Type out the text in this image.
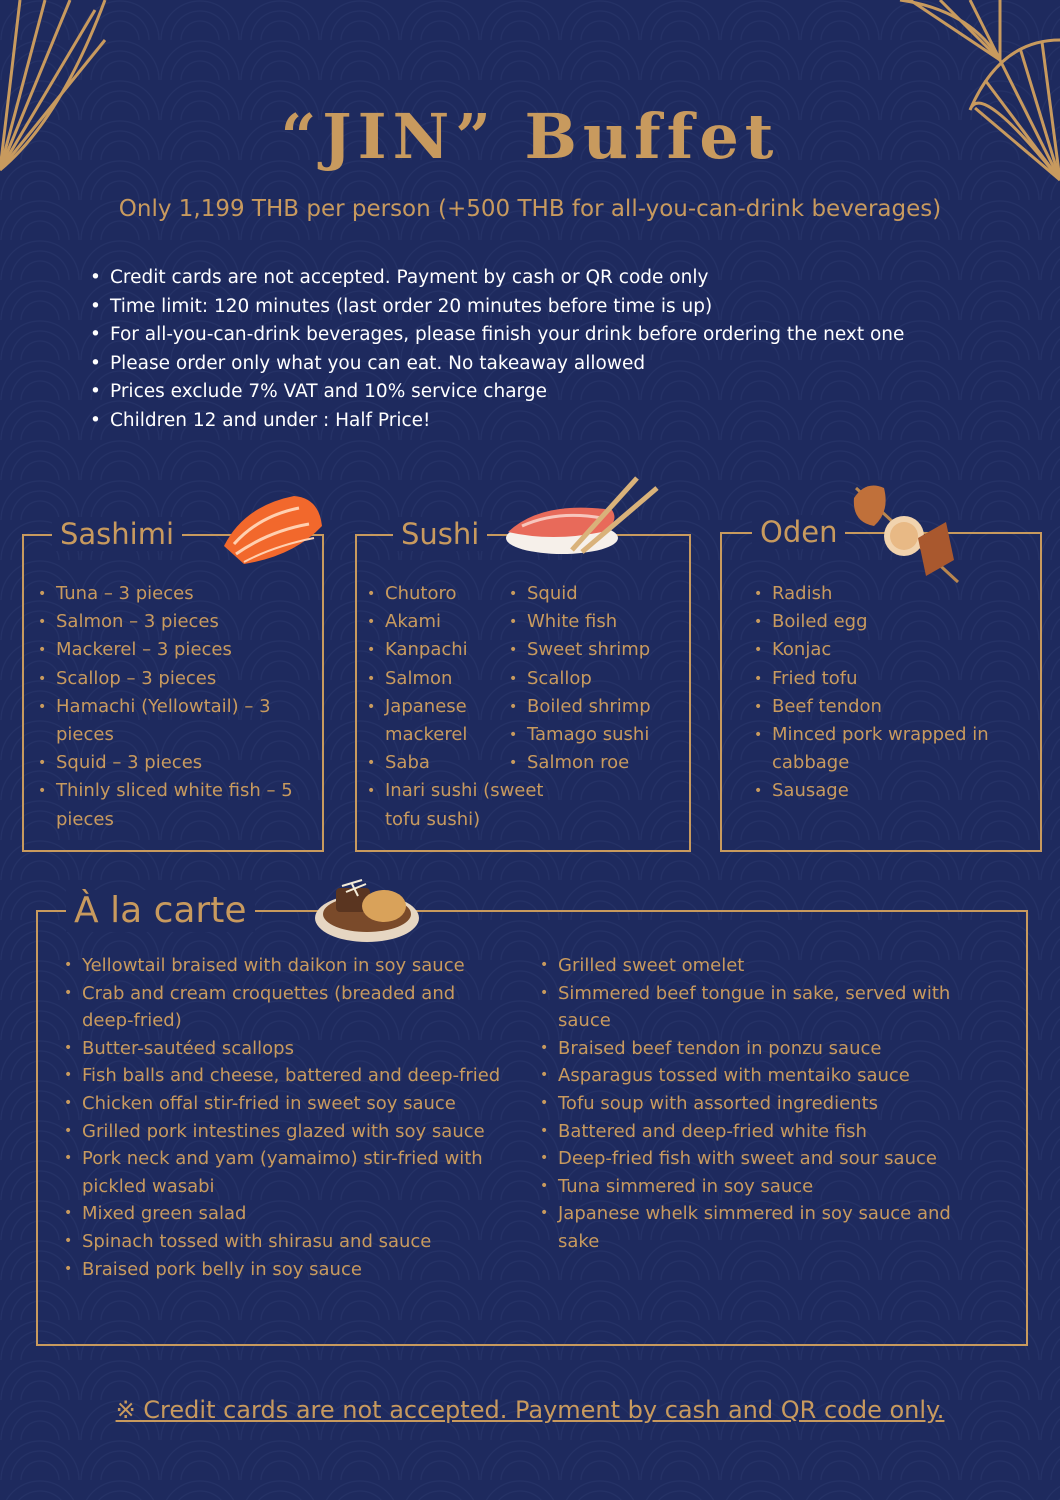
“JIN” Buffet

Only 1,199 THB per person (+500 THB for all-you-can-drink beverages)

• Credit cards are not accepted. Payment by cash or QR code only
• Time limit: 120 minutes (last order 20 minutes before time is up)
• For all-you-can-drink beverages, please finish your drink before ordering the next one
• Please order only what you can eat. No takeaway allowed
• Prices exclude 7% VAT and 10% service charge
• Children 12 and under : Half Price!
Sashimi
• Tuna – 3 pieces
• Salmon – 3 pieces
• Mackerel – 3 pieces
• Scallop – 3 pieces
• Hamachi (Yellowtail) – 3 pieces
• Squid – 3 pieces
• Thinly sliced white fish – 5 pieces
Sushi
• Chutoro
• Akami
• Kanpachi
• Salmon
• Japanese mackerel
• Saba
• Inari sushi (sweet tofu sushi)
• Squid
• White fish
• Sweet shrimp
• Scallop
• Boiled shrimp
• Tamago sushi
• Salmon roe
Oden
• Radish
• Boiled egg
• Konjac
• Fried tofu
• Beef tendon
• Minced pork wrapped in cabbage
• Sausage
À la carte
• Yellowtail braised with daikon in soy sauce
• Crab and cream croquettes (breaded and deep-fried)
• Butter-sautéed scallops
• Fish balls and cheese, battered and deep-fried
• Chicken offal stir-fried in sweet soy sauce
• Grilled pork intestines glazed with soy sauce
• Pork neck and yam (yamaimo) stir-fried with pickled wasabi
• Mixed green salad
• Spinach tossed with shirasu and sauce
• Braised pork belly in soy sauce
• Grilled sweet omelet
• Simmered beef tongue in sake, served with sauce
• Braised beef tendon in ponzu sauce
• Asparagus tossed with mentaiko sauce
• Tofu soup with assorted ingredients
• Battered and deep-fried white fish
• Deep-fried fish with sweet and sour sauce
• Tuna simmered in soy sauce
• Japanese whelk simmered in soy sauce and sake

※ Credit cards are not accepted. Payment by cash and QR code only.
